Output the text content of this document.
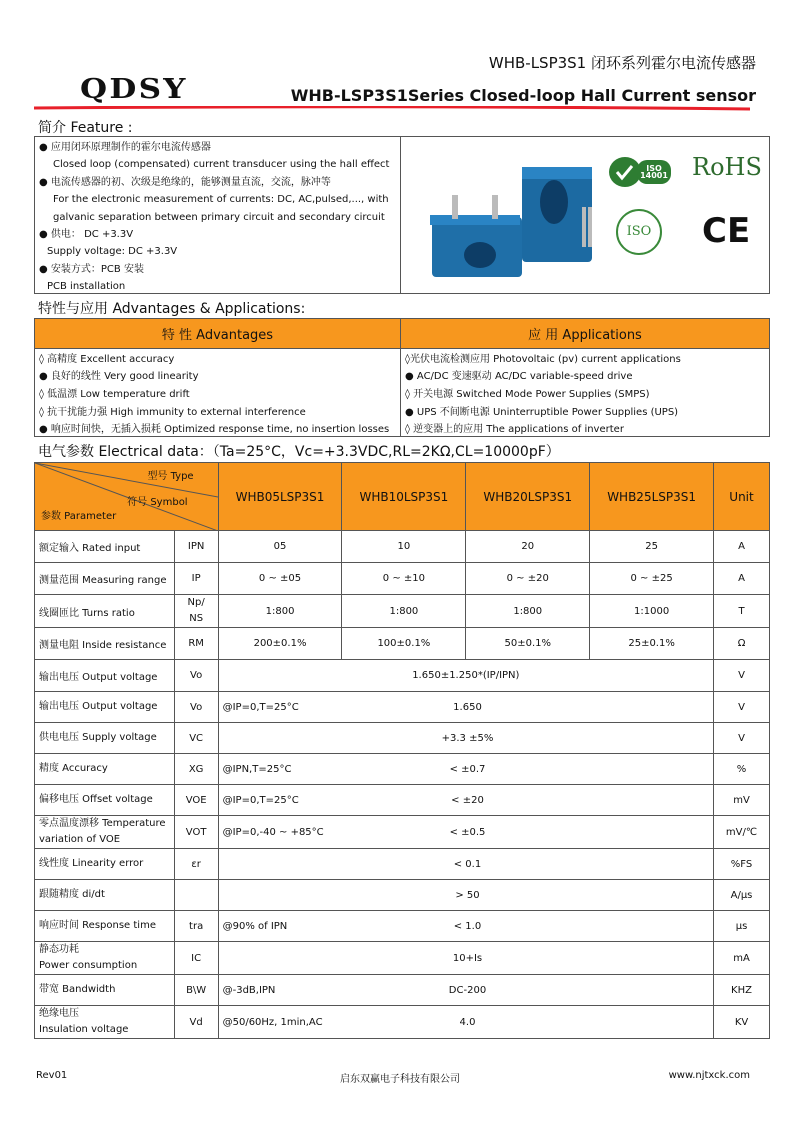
QDSY
WHB-LSP3S1 闭环系列霍尔电流传感器
WHB-LSP3S1Series Closed-loop Hall Current sensor
简介 Feature :
● 应用闭环原理制作的霍尔电流传感器
Closed loop (compensated) current transducer using the hall effect
● 电流传感器的初、次级是绝缘的，能够测量直流，交流，脉冲等
For the electronic measurement of currents: DC, AC,pulsed,..., with
galvanic separation between primary circuit and secondary circuit
● 供电： DC +3.3V
Supply voltage: DC +3.3V
● 安装方式：PCB 安装
PCB installation
ISO 14001 RoHS
ISO	CE
特性与应用 Advantages & Applications:
特 性 Advantages	应 用 Applications
◊ 高精度 Excellent accuracy	◊光伏电流检测应用 Photovoltaic (pv) current applications
● 良好的线性 Very good linearity	● AC/DC 变速驱动 AC/DC variable-speed drive
◊ 低温漂 Low temperature drift	◊ 开关电源 Switched Mode Power Supplies (SMPS)
◊ 抗干扰能力强 High immunity to external interference	● UPS 不间断电源 Uninterruptible Power Supplies (UPS)
● 响应时间快，无插入损耗 Optimized response time, no insertion losses	◊ 逆变器上的应用 The applications of inverter
电气参数 Electrical data：（Ta=25°C，Vc=+3.3VDC,RL=2KΩ,CL=10000pF）
型号 Type
符号 Symbol
参数 Parameter		WHB05LSP3S1	WHB10LSP3S1	WHB20LSP3S1	WHB25LSP3S1	Unit
额定输入 Rated input	IPN	05	10	20	25	A
测量范围 Measuring range	IP	0 ~ ±05	0 ~ ±10	0 ~ ±20	0 ~ ±25	A
线圈匝比 Turns ratio	Np/
NS	1:800	1:800	1:800	1:1000	T
测量电阻 Inside resistance	RM	200±0.1%	100±0.1%	50±0.1%	25±0.1%	Ω
输出电压 Output voltage	Vo	1.650±1.250*(IP/IPN)				V
输出电压 Output voltage	Vo	@IP=0,T=25°C	1.650			V
供电电压 Supply voltage	VC		+3.3 ±5%			V
精度 Accuracy	XG	@IPN,T=25°C	< ±0.7			%
偏移电压 Offset voltage	VOE	@IP=0,T=25°C	< ±20			mV
零点温度漂移 Temperature
variation of VOE	VOT	@IP=0,-40 ~ +85°C	< ±0.5			mV/℃
线性度 Linearity error	εr		< 0.1			%FS
跟随精度 di/dt			> 50			A/μs
响应时间 Response time	tra	@90% of IPN	< 1.0			μs
静态功耗
Power consumption	IC		10+Is			mA
带宽 Bandwidth	B\W	@-3dB,IPN	DC-200			KHZ
绝缘电压
Insulation voltage	Vd	@50/60Hz, 1min,AC	4.0			KV
Rev01	启东双赢电子科技有限公司	www.njtxck.com
